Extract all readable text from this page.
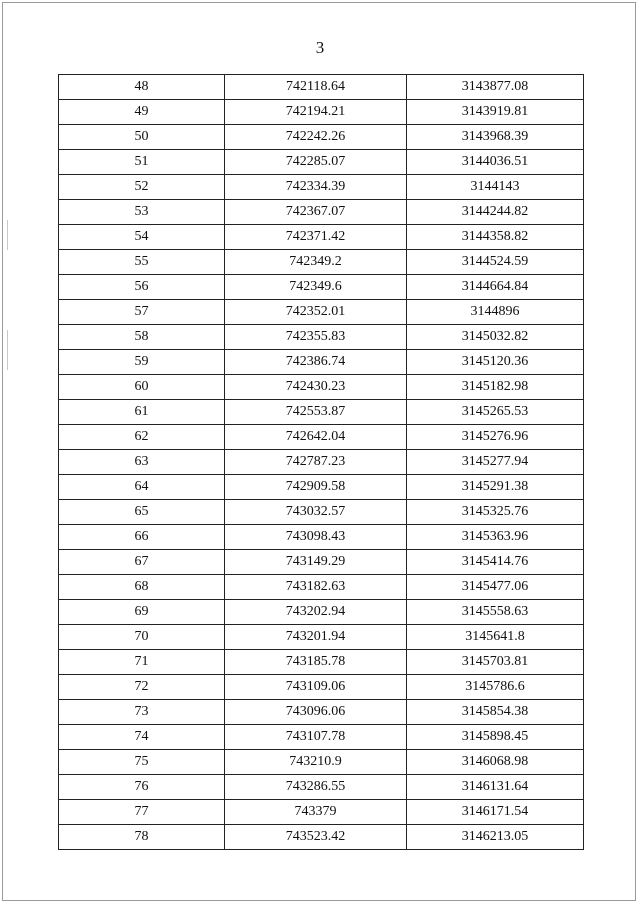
3
48	742118.64	3143877.08
49	742194.21	3143919.81
50	742242.26	3143968.39
51	742285.07	3144036.51
52	742334.39	3144143
53	742367.07	3144244.82
54	742371.42	3144358.82
55	742349.2	3144524.59
56	742349.6	3144664.84
57	742352.01	3144896
58	742355.83	3145032.82
59	742386.74	3145120.36
60	742430.23	3145182.98
61	742553.87	3145265.53
62	742642.04	3145276.96
63	742787.23	3145277.94
64	742909.58	3145291.38
65	743032.57	3145325.76
66	743098.43	3145363.96
67	743149.29	3145414.76
68	743182.63	3145477.06
69	743202.94	3145558.63
70	743201.94	3145641.8
71	743185.78	3145703.81
72	743109.06	3145786.6
73	743096.06	3145854.38
74	743107.78	3145898.45
75	743210.9	3146068.98
76	743286.55	3146131.64
77	743379	3146171.54
78	743523.42	3146213.05
